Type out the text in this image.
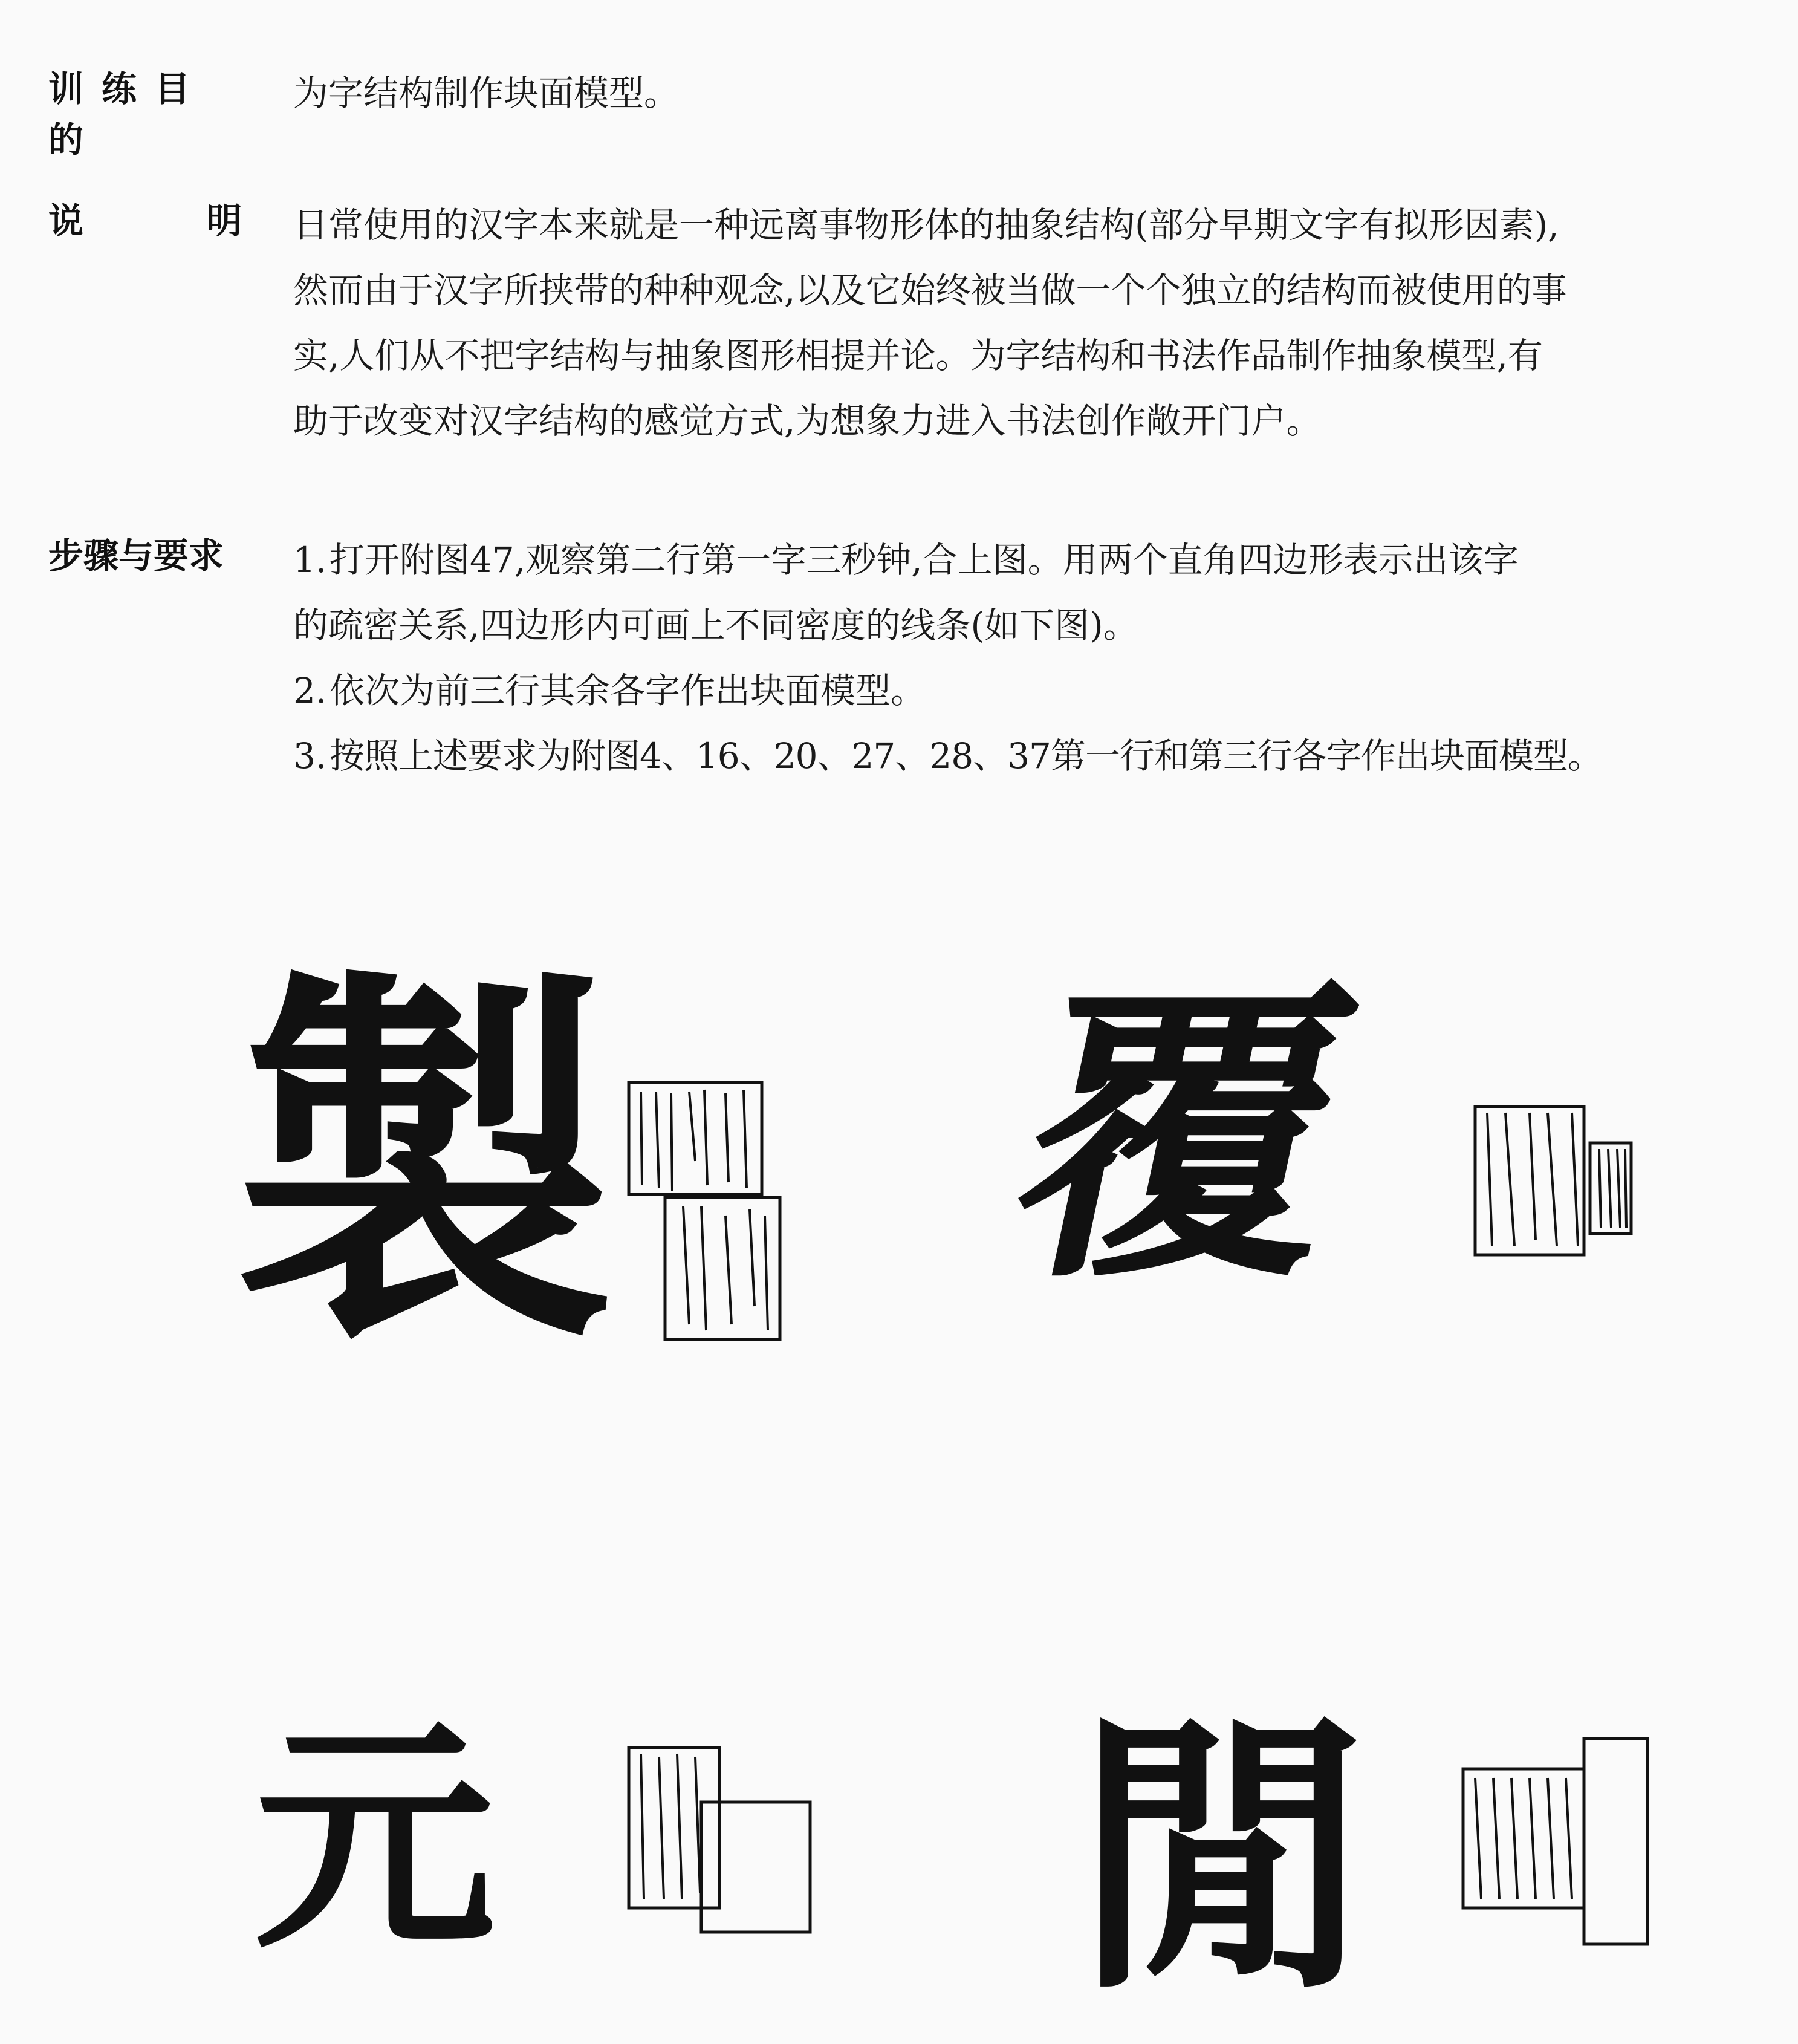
训练目的
为字结构制作块面模型。
说	明 日常使用的汉字本来就是一种远离事物形体的抽象结构(部分早期文字有拟形因素),
然而由于汉字所挟带的种种观念,以及它始终被当做一个个独立的结构而被使用的事
实,人们从不把字结构与抽象图形相提并论。为字结构和书法作品制作抽象模型,有
助于改变对汉字结构的感觉方式,为想象力进入书法创作敞开门户。
步骤与要求 1.打开附图47,观察第二行第一字三秒钟,合上图。用两个直角四边形表示出该字
的疏密关系,四边形内可画上不同密度的线条(如下图)。
2.依次为前三行其余各字作出块面模型。
3.按照上述要求为附图4、16、20、27、28、37第一行和第三行各字作出块面模型。
製 覆
元 閒
